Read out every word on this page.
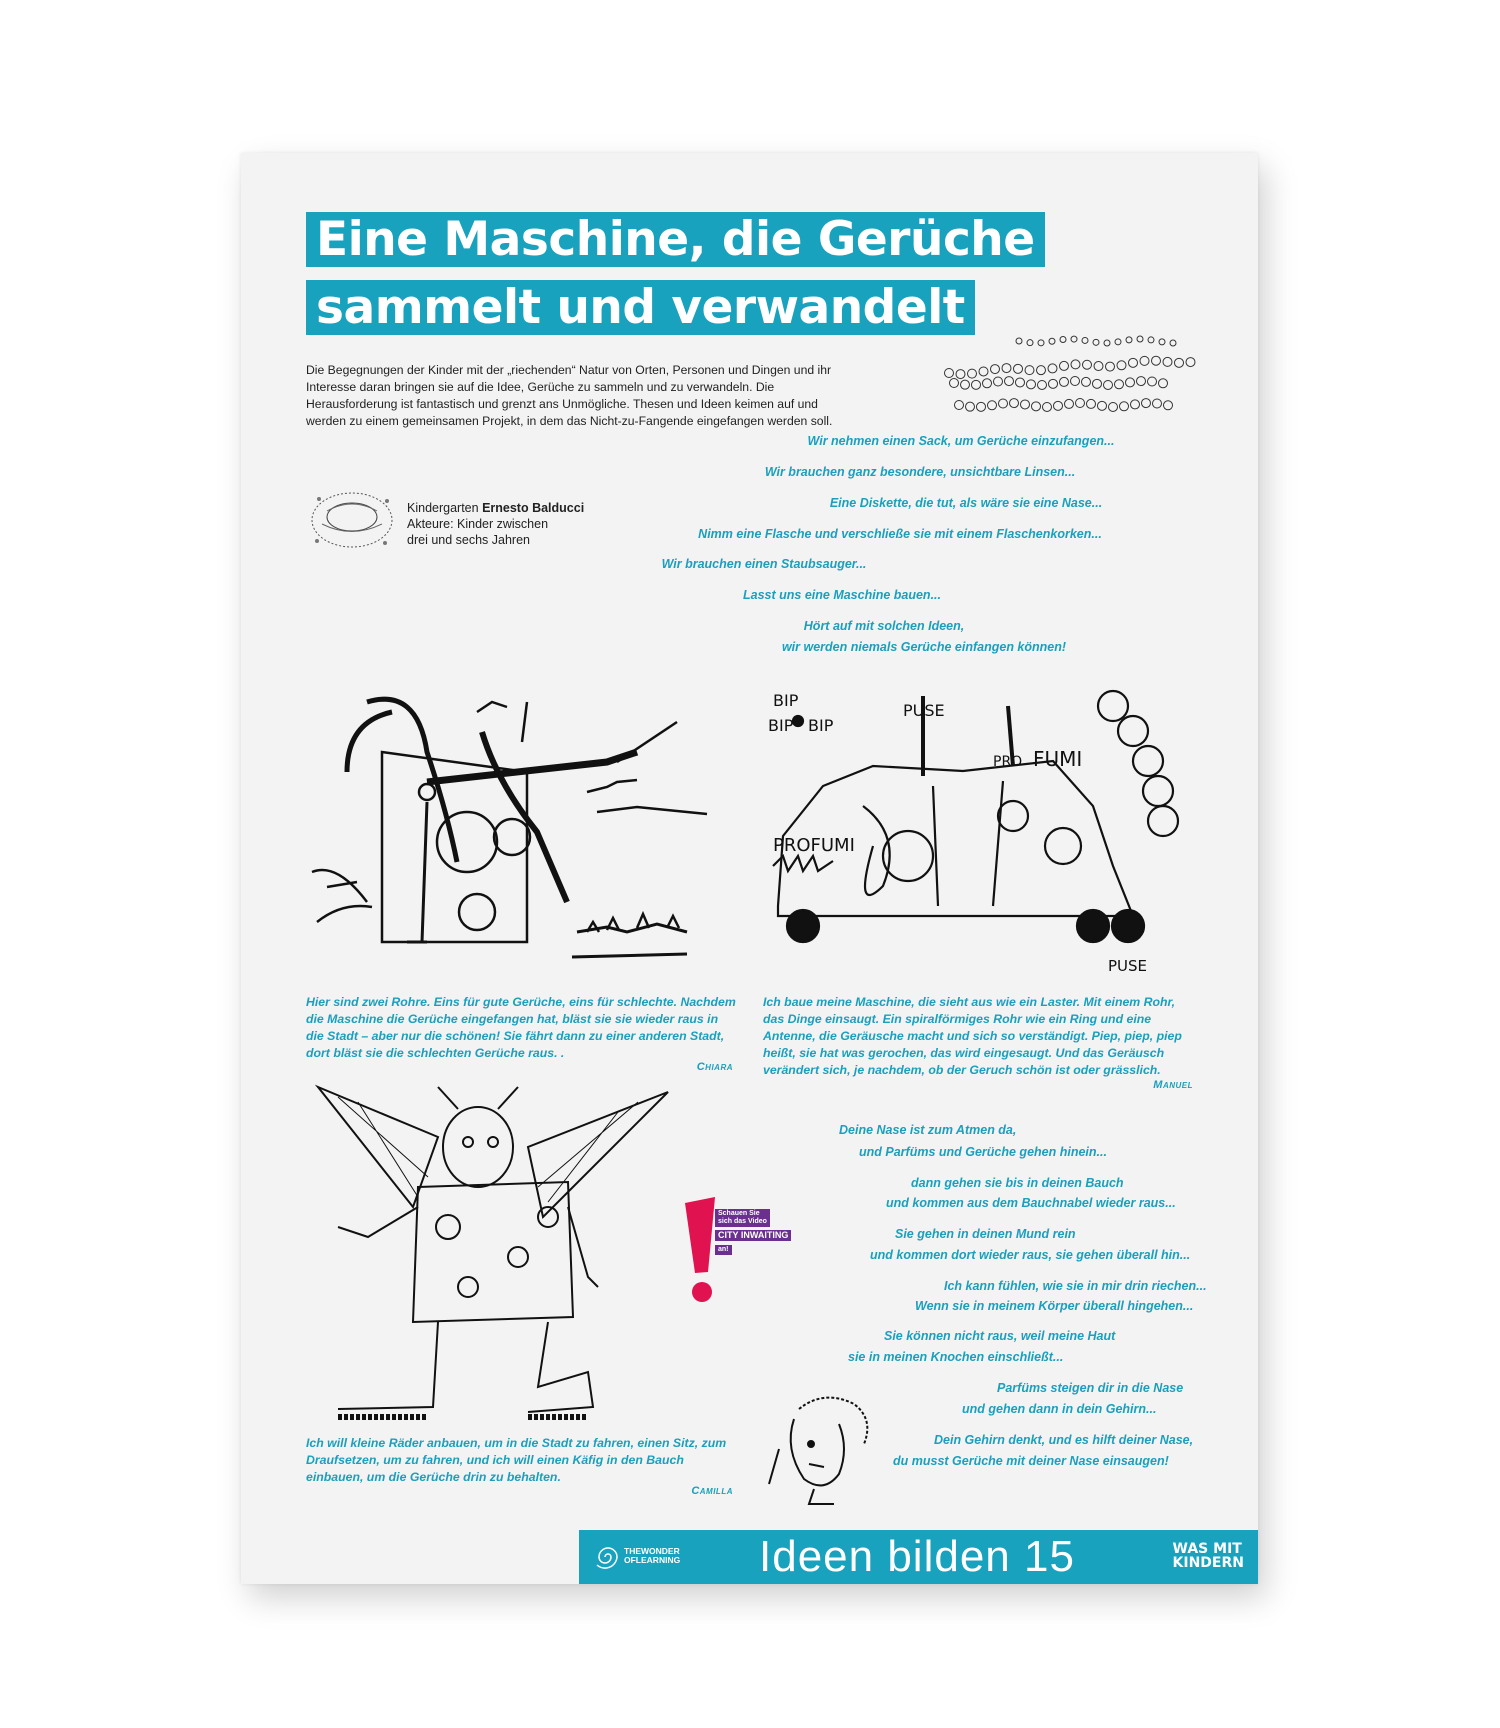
Eine Maschine, die Gerüche
sammelt und verwandelt
Die Begegnungen der Kinder mit der „riechenden“ Natur von Orten, Personen und Dingen und ihr Interesse daran bringen sie auf die Idee, Gerüche zu sammeln und zu verwandeln. Die Herausforderung ist fantastisch und grenzt ans Unmögliche. Thesen und Ideen keimen auf und werden zu einem gemeinsamen Projekt, in dem das Nicht-zu-Fangende eingefangen werden soll.
Kindergarten Ernesto Balducci
Akteure: Kinder zwischen
drei und sechs Jahren
Wir nehmen einen Sack, um Gerüche einzufangen...
Wir brauchen ganz besondere, unsichtbare Linsen...
Eine Diskette, die tut, als wäre sie eine Nase...
Nimm eine Flasche und verschließe sie mit einem Flaschenkorken...
Wir brauchen einen Staubsauger...
Lasst uns eine Maschine bauen...
Hört auf mit solchen Ideen,
wir werden niemals Gerüche einfangen können!
BIP
BIP BIP
PUSE
PRO FUMI
PROFUMI
PUSE
Hier sind zwei Rohre. Eins für gute Gerüche, eins für schlechte. Nachdem die Maschine die Gerüche eingefangen hat, bläst sie sie wieder raus in die Stadt – aber nur die schönen! Sie fährt dann zu einer anderen Stadt, dort bläst sie die schlechten Gerüche raus. .
Chiara
Ich baue meine Maschine, die sieht aus wie ein Laster. Mit einem Rohr, das Dinge einsaugt. Ein spiralförmiges Rohr wie ein Ring und eine Antenne, die Geräusche macht und sich so verständigt. Piep, piep, piep heißt, sie hat was gerochen, das wird eingesaugt. Und das Geräusch verändert sich, je nachdem, ob der Geruch schön ist oder grässlich.
Manuel
Ich will kleine Räder anbauen, um in die Stadt zu fahren, einen Sitz, zum Draufsetzen, um zu fahren, und ich will einen Käfig in den Bauch einbauen, um die Gerüche drin zu behalten.
Camilla
Schauen Sie
sich das Video
CITY INWAITING
an!
Deine Nase ist zum Atmen da,
und Parfüms und Gerüche gehen hinein...
dann gehen sie bis in deinen Bauch
und kommen aus dem Bauchnabel wieder raus...
Sie gehen in deinen Mund rein
und kommen dort wieder raus, sie gehen überall hin...
Ich kann fühlen, wie sie in mir drin riechen...
Wenn sie in meinem Körper überall hingehen...
Sie können nicht raus, weil meine Haut
sie in meinen Knochen einschließt...
Parfüms steigen dir in die Nase
und gehen dann in dein Gehirn...
Dein Gehirn denkt, und es hilft deiner Nase,
du musst Gerüche mit deiner Nase einsaugen!
THEWONDER
OFLEARNING Ideen bilden 15	WAS MIT
KINDERN
